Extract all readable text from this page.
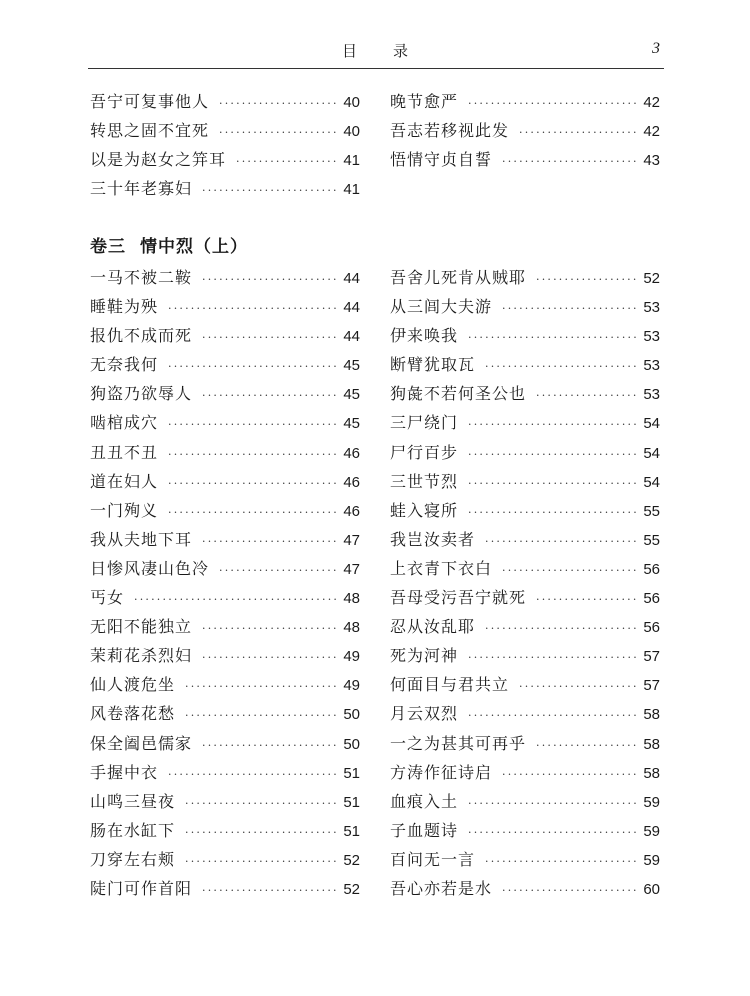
目　　录	3
吾宁可复事他人 ·····	40
转思之固不宜死 ·····	40
以是为赵女之笄耳 ·····	41
三十年老寡妇 ·····	41
晚节愈严 ·····	42
吾志若移视此发 ·····	42
悟情守贞自誓 ·····	43
卷三 情中烈（上）
一马不被二鞍 ·····	44
睡鞋为殃 ·····	44
报仇不成而死 ·····	44
无奈我何 ·····	45
狗盗乃欲辱人 ·····	45
啮棺成穴 ·····	45
丑丑不丑 ·····	46
道在妇人 ·····	46
一门殉义 ·····	46
我从夫地下耳 ·····	47
日惨风凄山色冷 ·····	47
丐女 ·····	48
无阳不能独立 ·····	48
茉莉花杀烈妇 ·····	49
仙人渡危坐 ·····	49
风卷落花愁 ·····	50
保全阖邑儒家 ·····	50
手握中衣 ·····	51
山鸣三昼夜 ·····	51
肠在水缸下 ·····	51
刀穿左右颊 ·····	52
陡门可作首阳 ·····	52
吾舍儿死肯从贼耶 ·····	52
从三闾大夫游 ·····	53
伊来唤我 ·····	53
断臂犹取瓦 ·····	53
狗彘不若何圣公也 ·····	53
三尸绕门 ·····	54
尸行百步 ·····	54
三世节烈 ·····	54
蛙入寝所 ·····	55
我岂汝卖者 ·····	55
上衣青下衣白 ·····	56
吾母受污吾宁就死 ·····	56
忍从汝乱耶 ·····	56
死为河神 ·····	57
何面目与君共立 ·····	57
月云双烈 ·····	58
一之为甚其可再乎 ·····	58
方涛作征诗启 ·····	58
血痕入土 ·····	59
子血题诗 ·····	59
百问无一言 ·····	59
吾心亦若是水 ·····	60
